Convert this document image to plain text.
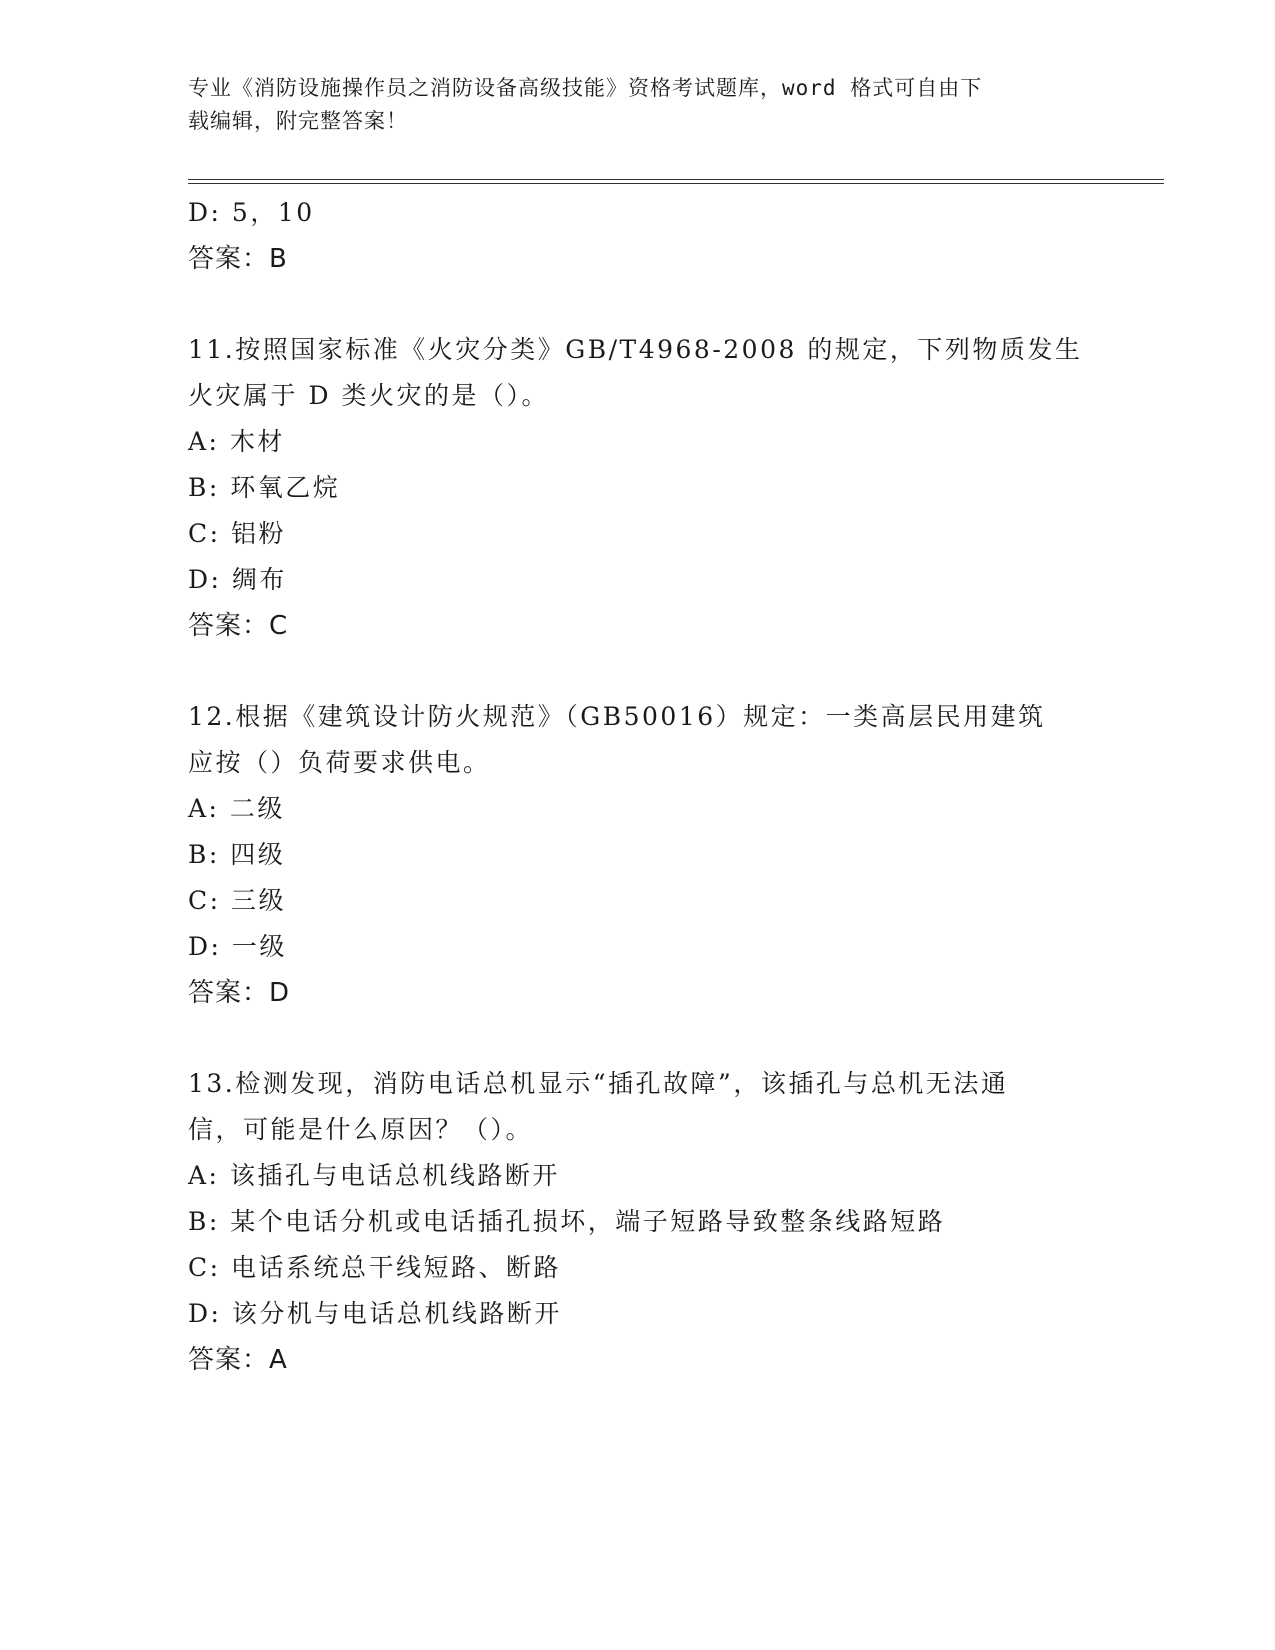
专业《消防设施操作员之消防设备高级技能》资格考试题库，word 格式可自由下
载编辑，附完整答案！
D: 5，10
答案：B
11.按照国家标准《火灾分类》GB/T4968-2008 的规定，下列物质发生
火灾属于 D 类火灾的是（）。
A: 木材
B: 环氧乙烷
C: 铝粉
D: 绸布
答案：C
12.根据《建筑设计防火规范》（GB50016）规定：一类高层民用建筑
应按（）负荷要求供电。
A: 二级
B: 四级
C: 三级
D: 一级
答案：D
13.检测发现，消防电话总机显示“插孔故障”，该插孔与总机无法通
信，可能是什么原因？（）。
A: 该插孔与电话总机线路断开
B: 某个电话分机或电话插孔损坏，端子短路导致整条线路短路
C: 电话系统总干线短路、断路
D: 该分机与电话总机线路断开
答案：A
